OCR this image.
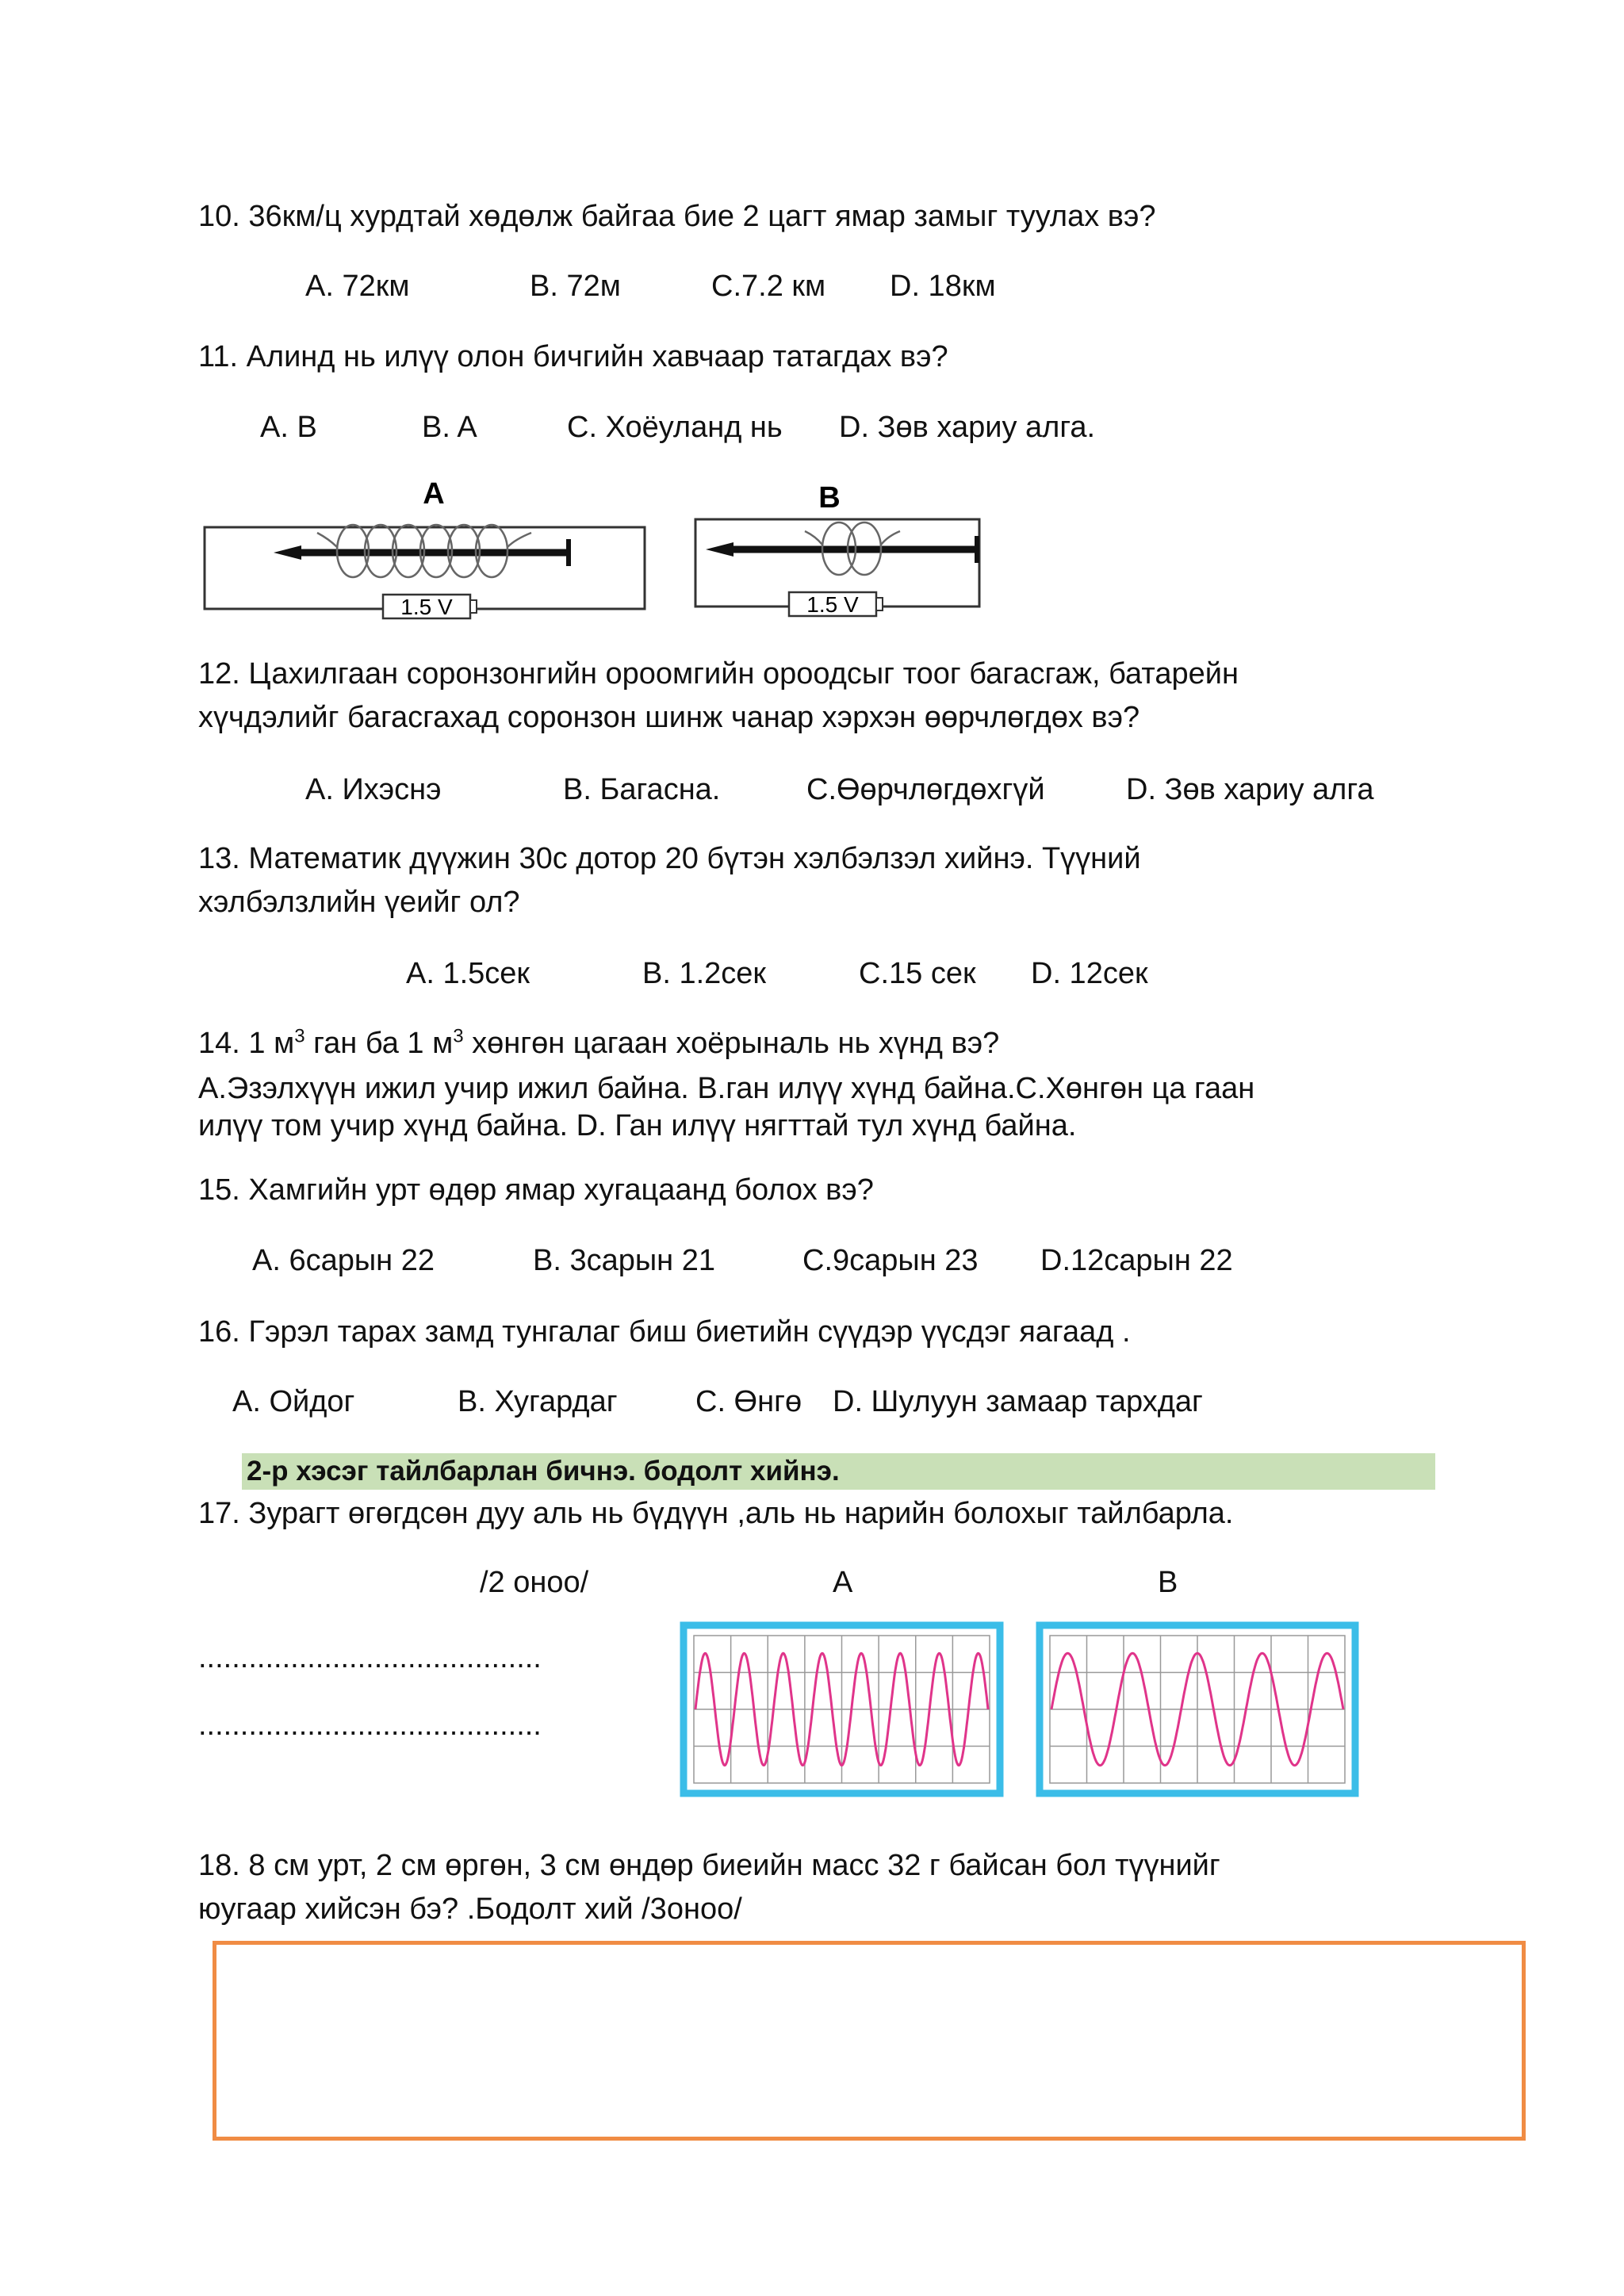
10. 36км/ц хурдтай хөдөлж байгаа бие 2 цагт ямар замыг туулах вэ?
A. 72км	B. 72м	C.7.2 км D. 18км
11. Алинд нь илүү олон бичгийн хавчаар татагдах вэ?
A. B	B. A	C. Хоёуланд нь D. Зөв хариу алга.
1.5 V
A
1.5 V
B
12. Цахилгаан соронзонгийн ороомгийн ороодсыг тоог багасгаж, батарейн
хүчдэлийг багасгахад соронзон шинж чанар хэрхэн өөрчлөгдөх вэ?
A. Ихэснэ	B. Багасна.	C.Өөрчлөгдөхгүй	D. Зөв хариу алга
13. Математик дүүжин 30с дотор 20 бүтэн хэлбэлзэл хийнэ. Түүний
хэлбэлзлийн үеийг ол?
A. 1.5сек	B. 1.2сек	C.15 сек D. 12сек
14. 1 $м^3$ ган ба 1 $м^3$ хөнгөн цагаан хоёрыналь нь хүнд вэ?
A.Эзэлхүүн ижил учир ижил байна. B.ган илүү хүнд байна.C.Хөнгөн ца гаан
илүү том учир хүнд байна. D. Ган илүү нягттай тул хүнд байна.
15. Хамгийн урт өдөр ямар хугацаанд болох вэ?
A. 6сарын 22	B. 3сарын 21	C.9сарын 23 D.12сарын 22
16. Гэрэл тарах замд тунгалаг биш биетийн сүүдэр үүсдэг яагаад .
A. Ойдог	B. Хугардаг	C. Өнгө D. Шулуун замаар тархдаг
2-р хэсэг тайлбарлан бичнэ. бодолт хийнэ.
17. Зурагт өгөгдсөн дуу аль нь бүдүүн ,аль нь нарийн болохыг тайлбарла.
/2 оноо/	A	B
.........................................
.........................................
18. 8 см урт, 2 см өргөн, 3 см өндөр биеийн масс 32 г байсан бол түүнийг
юугаар хийсэн бэ? .Бодолт хий /3оноо/
